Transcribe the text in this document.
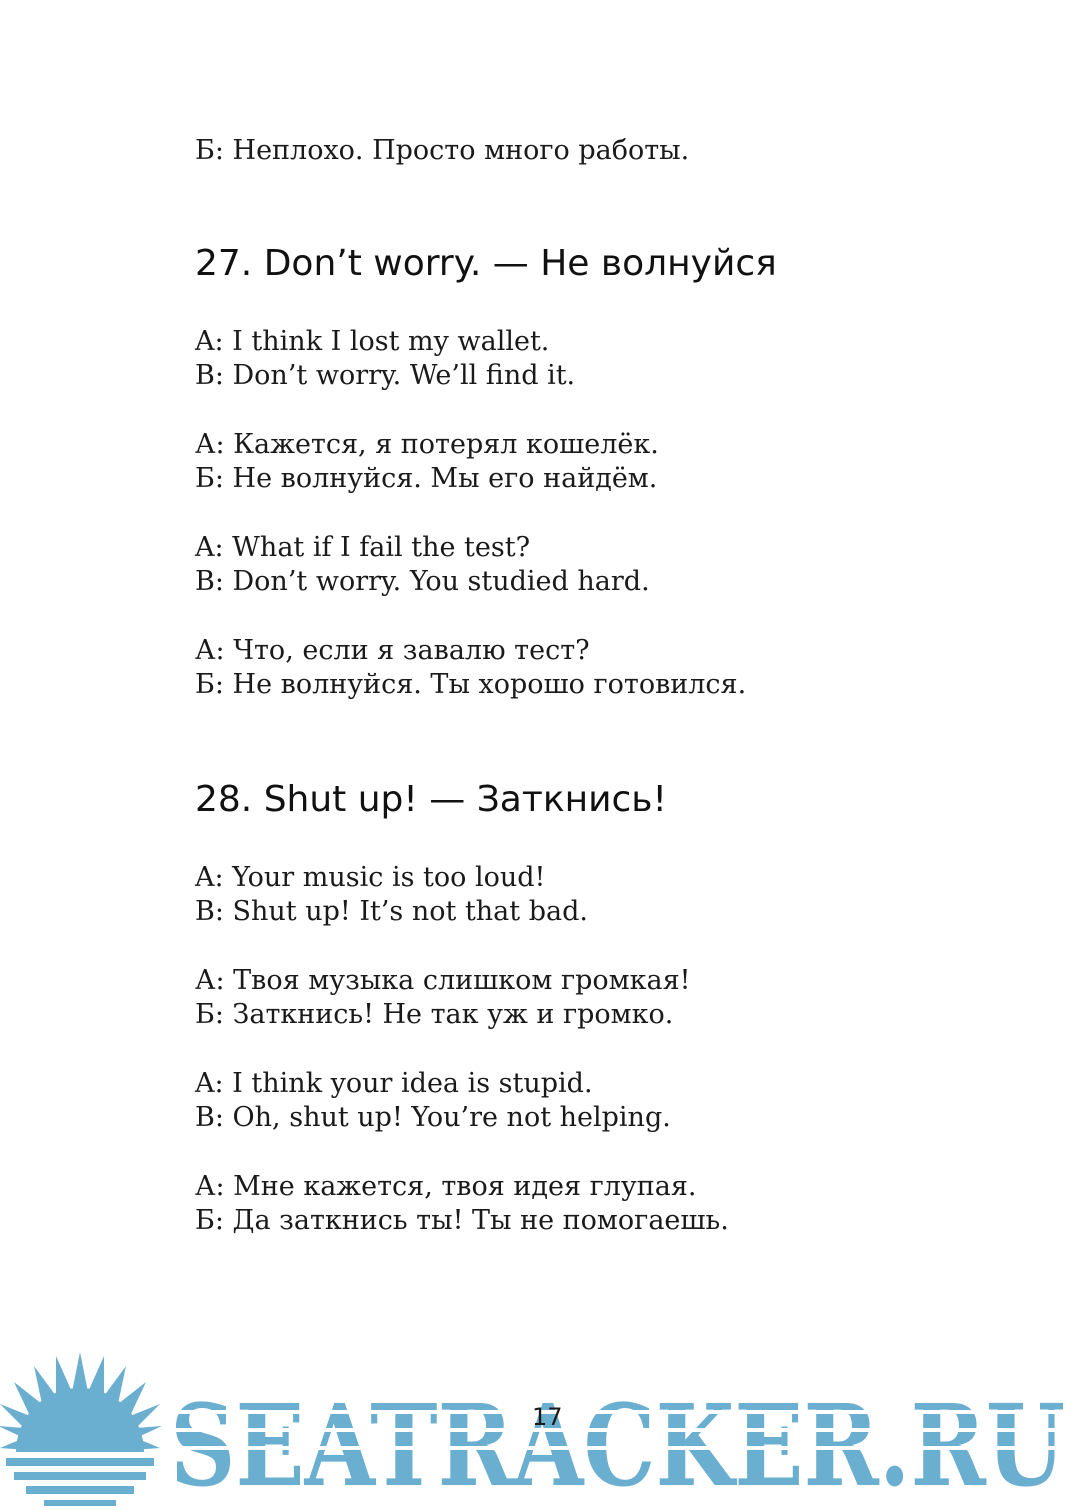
Б: Неплохо. Просто много работы.

27. Don’t worry. — Не волнуйся

A: I think I lost my wallet.

B: Don’t worry. We’ll find it.

А: Кажется, я потерял кошелёк.

Б: Не волнуйся. Мы его найдём.

A: What if I fail the test?

B: Don’t worry. You studied hard.

А: Что, если я завалю тест?

Б: Не волнуйся. Ты хорошо готовился.

28. Shut up! — Заткнись!

A: Your music is too loud!

B: Shut up! It’s not that bad.

А: Твоя музыка слишком громкая!

Б: Заткнись! Не так уж и громко.

A: I think your idea is stupid.

B: Oh, shut up! You’re not helping.

А: Мне кажется, твоя идея глупая.

Б: Да заткнись ты! Ты не помогаешь.

SEATRACKER.RU
17
